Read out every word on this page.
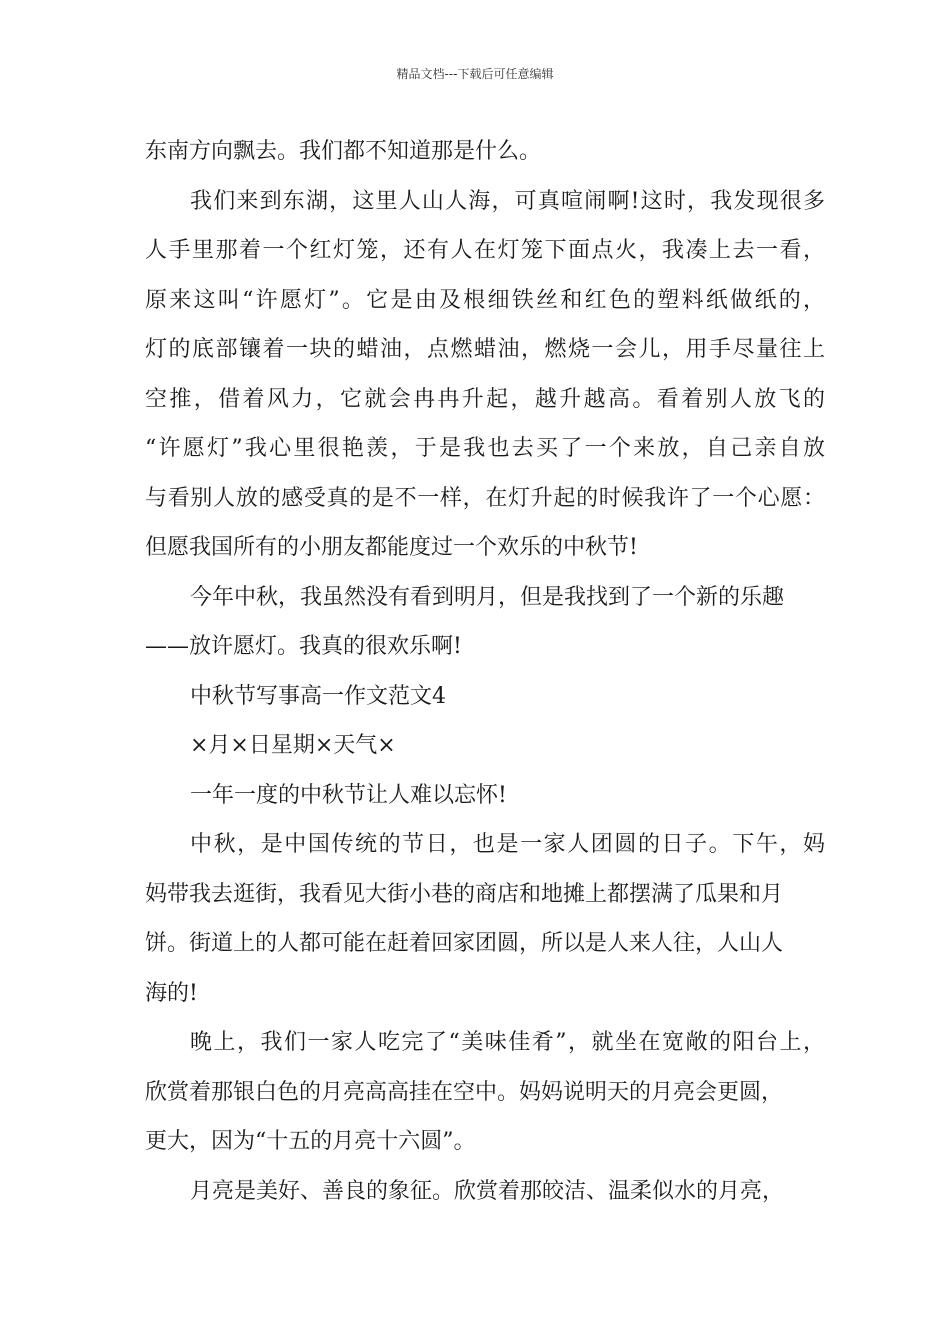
精品文档---下载后可任意编辑
东南方向飘去。我们都不知道那是什么。
我们来到东湖，这里人山人海，可真喧闹啊!这时，我发现很多
人手里那着一个红灯笼，还有人在灯笼下面点火，我凑上去一看，
原来这叫“许愿灯”。它是由及根细铁丝和红色的塑料纸做纸的，
灯的底部镶着一块的蜡油，点燃蜡油，燃烧一会儿，用手尽量往上
空推，借着风力，它就会冉冉升起，越升越高。看着别人放飞的
“许愿灯”我心里很艳羡，于是我也去买了一个来放，自己亲自放
与看别人放的感受真的是不一样，在灯升起的时候我许了一个心愿：
但愿我国所有的小朋友都能度过一个欢乐的中秋节!
今年中秋，我虽然没有看到明月，但是我找到了一个新的乐趣
——放许愿灯。我真的很欢乐啊!
中秋节写事高一作文范文4
×月×日星期×天气×
一年一度的中秋节让人难以忘怀!
中秋，是中国传统的节日，也是一家人团圆的日子。下午，妈
妈带我去逛街，我看见大街小巷的商店和地摊上都摆满了瓜果和月
饼。街道上的人都可能在赶着回家团圆，所以是人来人往，人山人
海的!
晚上，我们一家人吃完了“美味佳肴”，就坐在宽敞的阳台上，
欣赏着那银白色的月亮高高挂在空中。妈妈说明天的月亮会更圆，
更大，因为“十五的月亮十六圆”。
月亮是美好、善良的象征。欣赏着那皎洁、温柔似水的月亮，
